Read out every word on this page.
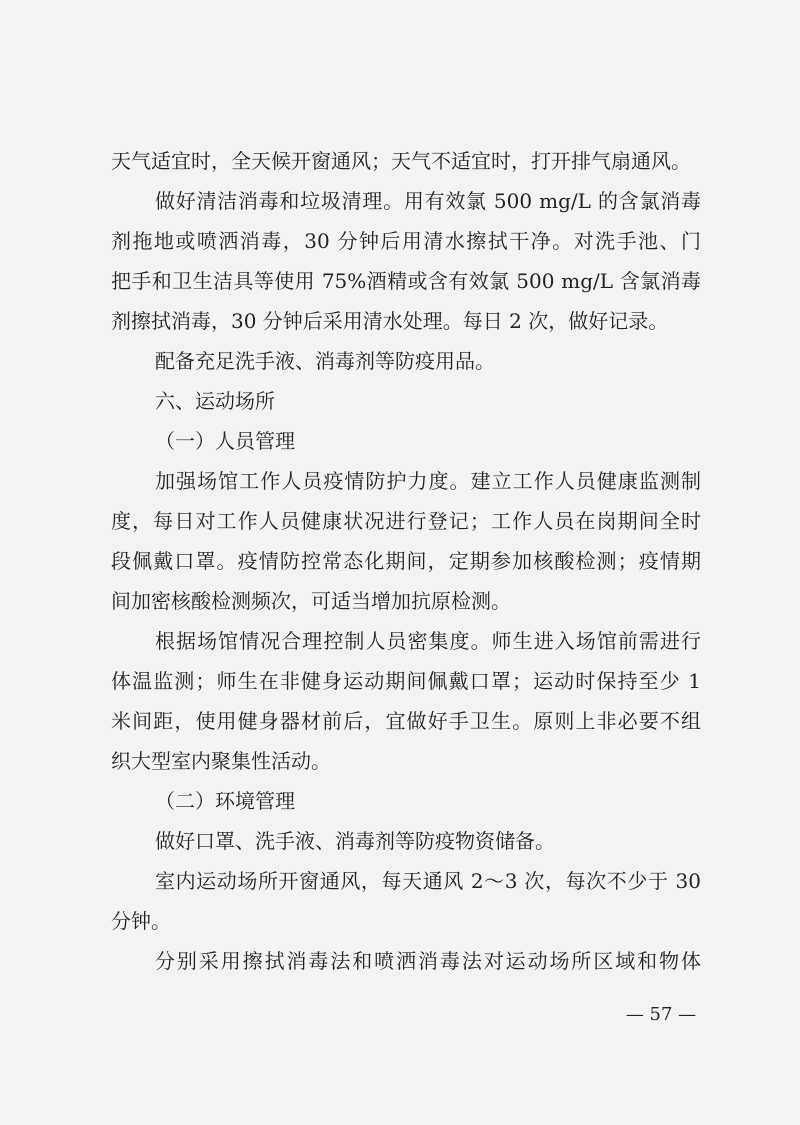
天气适宜时，全天候开窗通风；天气不适宜时，打开排气扇通风。
做好清洁消毒和垃圾清理。用有效氯 500 mg/L 的含氯消毒
剂拖地或喷洒消毒，30 分钟后用清水擦拭干净。对洗手池、门
把手和卫生洁具等使用 75%酒精或含有效氯 500 mg/L 含氯消毒
剂擦拭消毒，30 分钟后采用清水处理。每日 2 次，做好记录。
配备充足洗手液、消毒剂等防疫用品。
六、运动场所
（一）人员管理
加强场馆工作人员疫情防护力度。建立工作人员健康监测制
度，每日对工作人员健康状况进行登记；工作人员在岗期间全时
段佩戴口罩。疫情防控常态化期间，定期参加核酸检测；疫情期
间加密核酸检测频次，可适当增加抗原检测。
根据场馆情况合理控制人员密集度。师生进入场馆前需进行
体温监测；师生在非健身运动期间佩戴口罩；运动时保持至少 1
米间距，使用健身器材前后，宜做好手卫生。原则上非必要不组
织大型室内聚集性活动。
（二）环境管理
做好口罩、洗手液、消毒剂等防疫物资储备。
室内运动场所开窗通风，每天通风 2～3 次，每次不少于 30
分钟。
分别采用擦拭消毒法和喷洒消毒法对运动场所区域和物体
— 57 —
